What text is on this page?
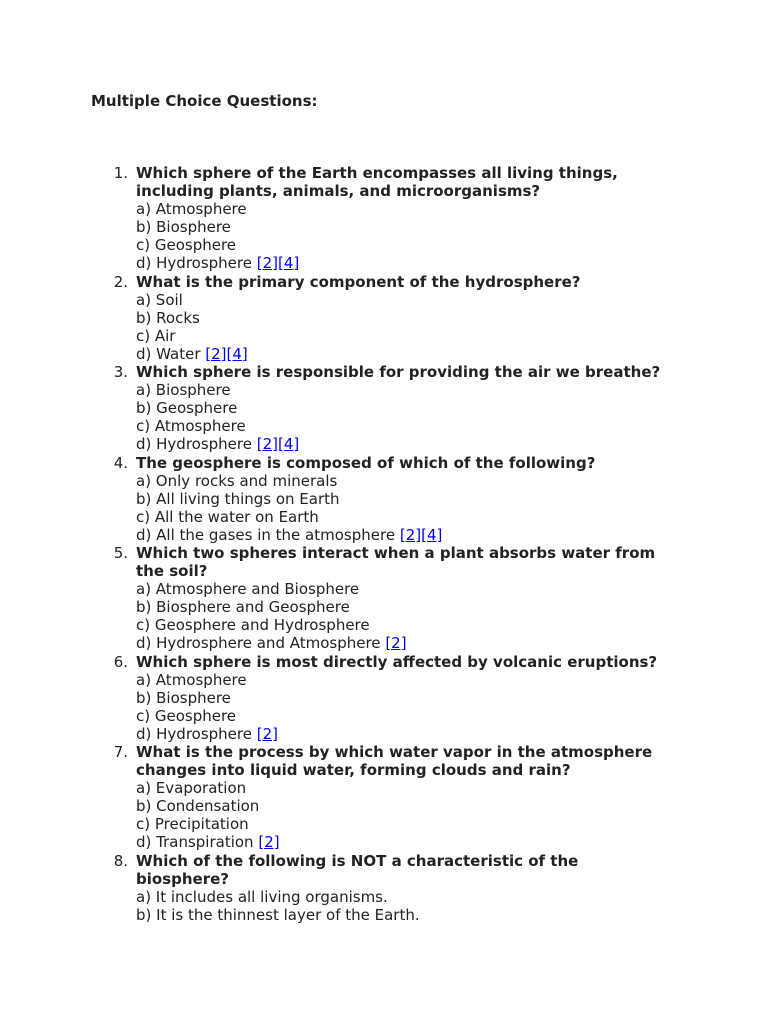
Multiple Choice Questions:
1. Which sphere of the Earth encompasses all living things, including plants, animals, and microorganisms?
a) Atmosphere
b) Biosphere
c) Geosphere
d) Hydrosphere [2][4]
2. What is the primary component of the hydrosphere?
a) Soil
b) Rocks
c) Air
d) Water [2][4]
3. Which sphere is responsible for providing the air we breathe?
a) Biosphere
b) Geosphere
c) Atmosphere
d) Hydrosphere [2][4]
4. The geosphere is composed of which of the following?
a) Only rocks and minerals
b) All living things on Earth
c) All the water on Earth
d) All the gases in the atmosphere [2][4]
5. Which two spheres interact when a plant absorbs water from the soil?
a) Atmosphere and Biosphere
b) Biosphere and Geosphere
c) Geosphere and Hydrosphere
d) Hydrosphere and Atmosphere [2]
6. Which sphere is most directly affected by volcanic eruptions?
a) Atmosphere
b) Biosphere
c) Geosphere
d) Hydrosphere [2]
7. What is the process by which water vapor in the atmosphere changes into liquid water, forming clouds and rain?
a) Evaporation
b) Condensation
c) Precipitation
d) Transpiration [2]
8. Which of the following is NOT a characteristic of the biosphere?
a) It includes all living organisms.
b) It is the thinnest layer of the Earth.
